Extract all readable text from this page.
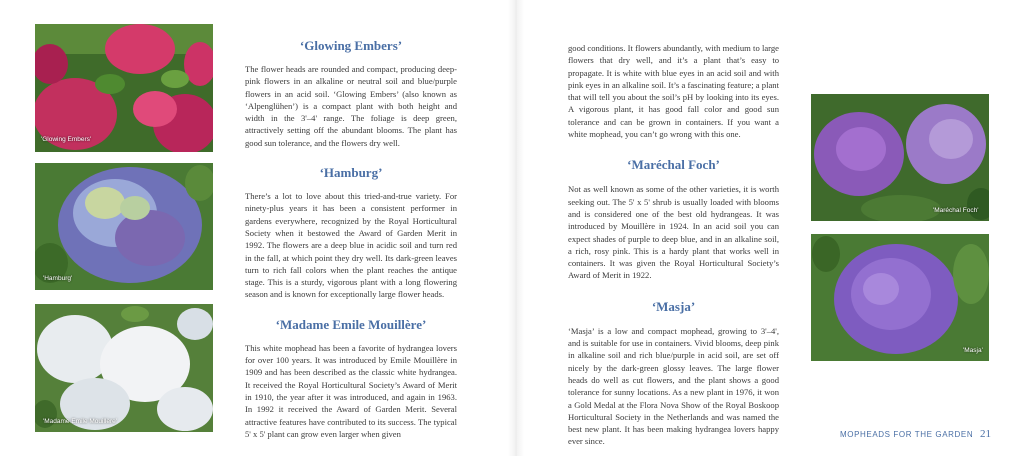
'Glowing Embers'
'Hamburg'
'Madame Emile Mouillère'
‘Glowing Embers’

The flower heads are rounded and compact, producing deep-pink flowers in an alkaline or neutral soil and blue/purple flowers in an acid soil. ‘Glowing Embers’ (also known as ‘Alpenglühen’) is a compact plant with both height and width in the 3'–4' range. The foliage is deep green, attractively setting off the abundant blooms. The plant has good sun tolerance, and the flowers dry well.

‘Hamburg’

There’s a lot to love about this tried-and-true variety. For ninety-plus years it has been a consistent performer in gardens everywhere, recognized by the Royal Horticultural Society when it bestowed the Award of Garden Merit in 1992. The flowers are a deep blue in acidic soil and turn red in the fall, at which point they dry well. Its dark-green leaves turn to rich fall colors when the plant reaches the antique stage. This is a sturdy, vigorous plant with a long flowering season and is known for exceptionally large flower heads.

‘Madame Emile Mouillère’

This white mophead has been a favorite of hydrangea lovers for over 100 years. It was introduced by Emile Mouillère in 1909 and has been described as the classic white hydrangea. It received the Royal Horticultural Society’s Award of Merit in 1910, the year after it was introduced, and again in 1963. In 1992 it received the Award of Garden Merit. Several attractive features have contributed to its success. The typical 5' x 5' plant can grow even larger when given

good conditions. It flowers abundantly, with medium to large flowers that dry well, and it’s a plant that’s easy to propagate. It is white with blue eyes in an acid soil and with pink eyes in an alkaline soil. It’s a fascinating feature; a plant that will tell you about the soil’s pH by looking into its eyes. A vigorous plant, it has good fall color and good sun tolerance and can be grown in containers. If you want a white mophead, you can’t go wrong with this one.

‘Maréchal Foch’

Not as well known as some of the other varieties, it is worth seeking out. The 5' x 5' shrub is usually loaded with blooms and is considered one of the best old hydrangeas. It was introduced by Mouillère in 1924. In an acid soil you can expect shades of purple to deep blue, and in an alkaline soil, a rich, rosy pink. This is a hardy plant that works well in containers. It was given the Royal Horticultural Society’s Award of Merit in 1922.

‘Masja’

‘Masja’ is a low and compact mophead, growing to 3'–4', and is suitable for use in containers. Vivid blooms, deep pink in alkaline soil and rich blue/purple in acid soil, are set off nicely by the dark-green glossy leaves. The large flower heads do well as cut flowers, and the plant shows a good tolerance for sunny locations. As a new plant in 1976, it won a Gold Medal at the Flora Nova Show of the Royal Boskoop Horticultural Society in the Netherlands and was named the best new plant. It has been making hydrangea lovers happy ever since.

'Maréchal Foch'
'Masja'
MOPHEADS FOR THE GARDEN 21
